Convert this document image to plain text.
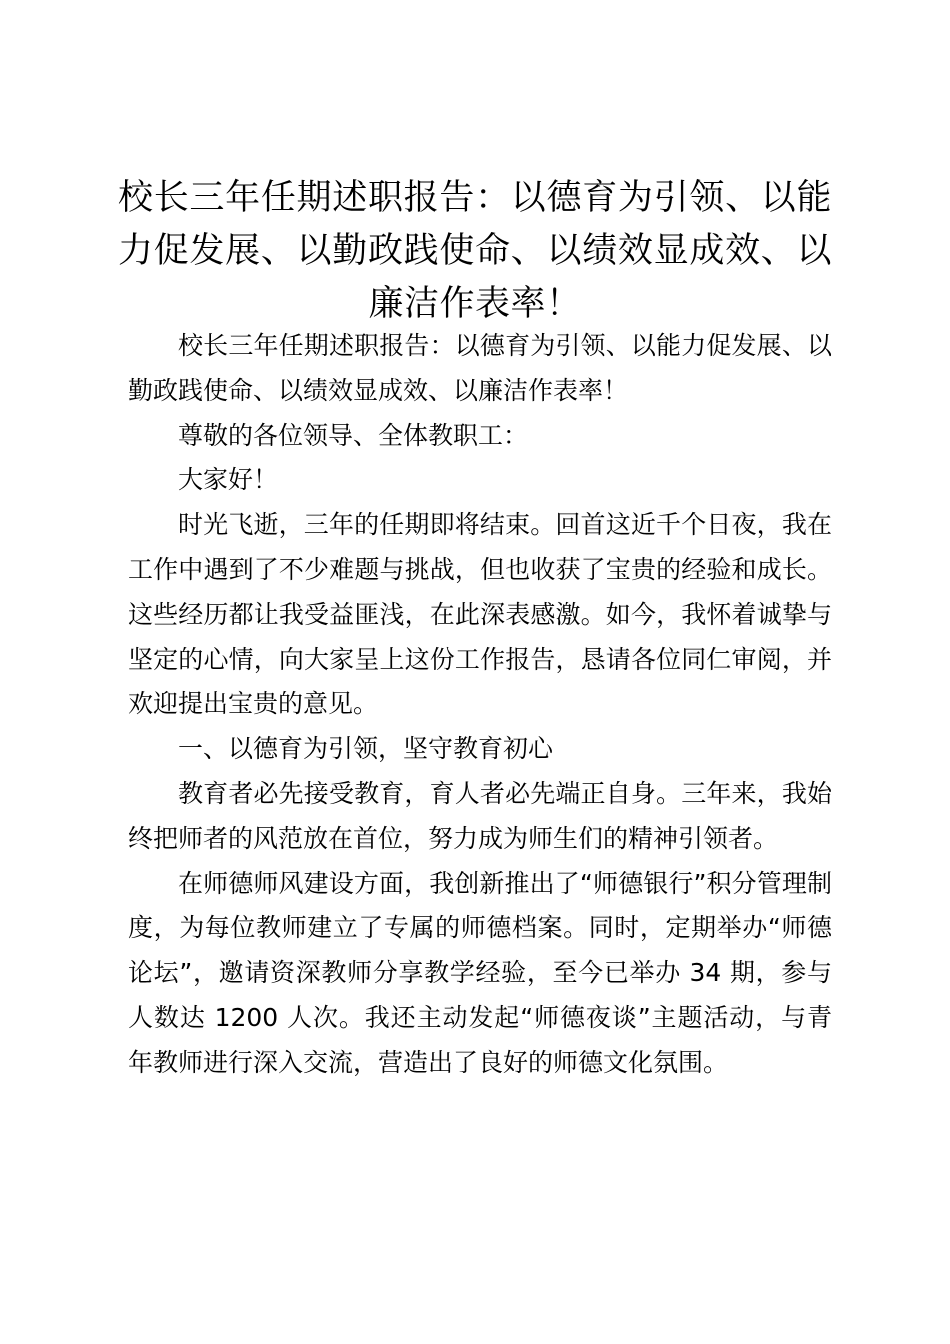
校长三年任期述职报告：以德育为引领、以能力促发展、以勤政践使命、以绩效显成效、以廉洁作表率！

校长三年任期述职报告：以德育为引领、以能力促发展、以勤政践使命、以绩效显成效、以廉洁作表率！

尊敬的各位领导、全体教职工：

大家好！

时光飞逝，三年的任期即将结束。回首这近千个日夜，我在工作中遇到了不少难题与挑战，但也收获了宝贵的经验和成长。这些经历都让我受益匪浅，在此深表感激。如今，我怀着诚挚与坚定的心情，向大家呈上这份工作报告，恳请各位同仁审阅，并欢迎提出宝贵的意见。

一、以德育为引领，坚守教育初心

教育者必先接受教育，育人者必先端正自身。三年来，我始终把师者的风范放在首位，努力成为师生们的精神引领者。

在师德师风建设方面，我创新推出了“师德银行”积分管理制度，为每位教师建立了专属的师德档案。同时，定期举办“师德论坛”，邀请资深教师分享教学经验，至今已举办 34 期，参与人数达 1200 人次。我还主动发起“师德夜谈”主题活动，与青年教师进行深入交流，营造出了良好的师德文化氛围。
